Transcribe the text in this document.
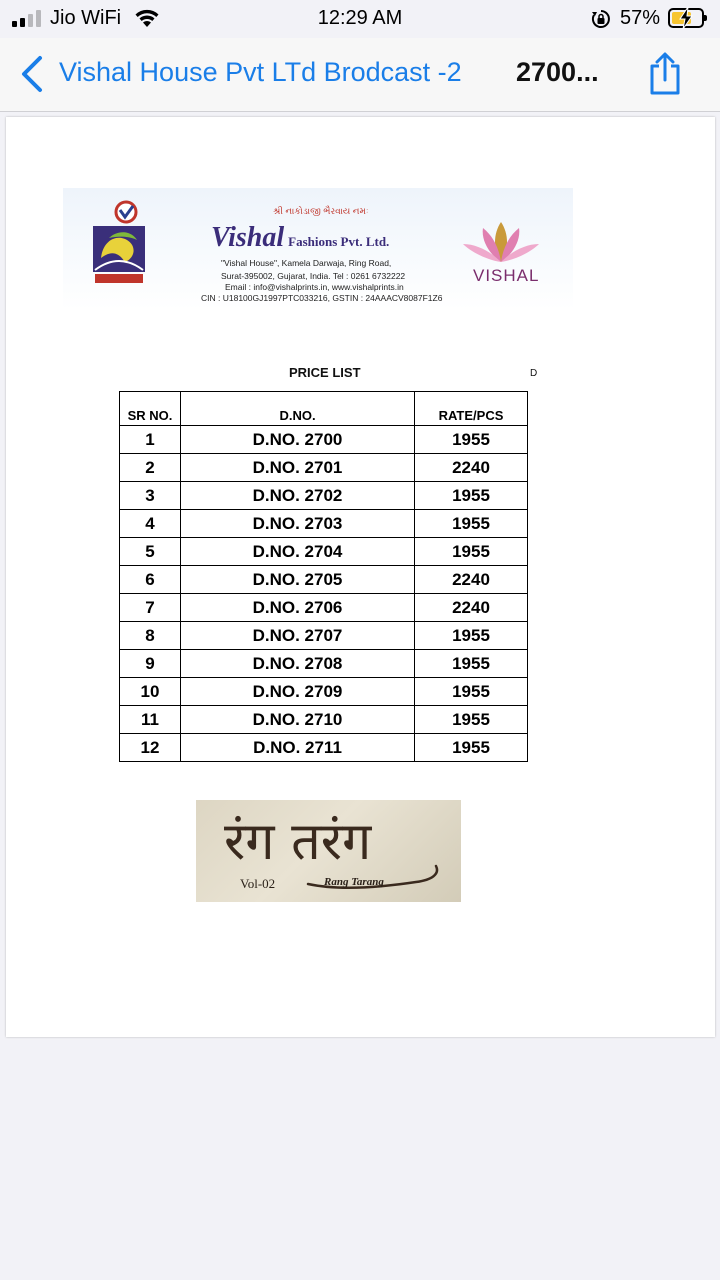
Jio WiFi	12:29 AM	57%
Vishal House Pvt LTd Brodcast -2 2700...
શ્રી નાકોડાજી ભૈરવાય નમઃ
Vishal Fashions Pvt. Ltd.
"Vishal House", Kamela Darwaja, Ring Road,
Surat-395002, Gujarat, India. Tel : 0261 6732222
Email : info@vishalprints.in, www.vishalprints.in
CIN : U18100GJ1997PTC033216, GSTIN : 24AAACV8087F1Z6
VISHAL
PRICE LIST	D
SR NO.	D.NO.	RATE/PCS
1	D.NO. 2700	1955
2	D.NO. 2701	2240
3	D.NO. 2702	1955
4	D.NO. 2703	1955
5	D.NO. 2704	1955
6	D.NO. 2705	2240
7	D.NO. 2706	2240
8	D.NO. 2707	1955
9	D.NO. 2708	1955
10	D.NO. 2709	1955
11	D.NO. 2710	1955
12	D.NO. 2711	1955
रंग तरंग
Vol-02	Rang Tarang
